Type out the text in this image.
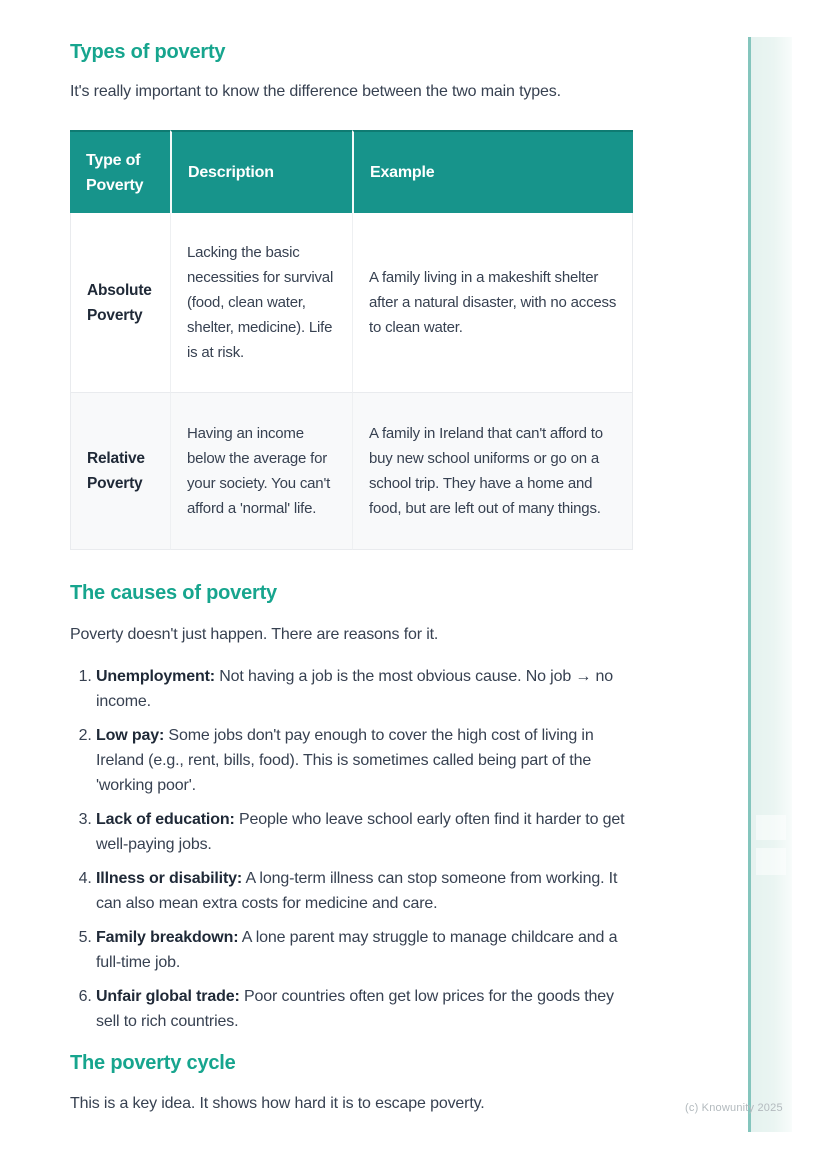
(c) Knowunity 2025
Types of poverty

It's really important to know the difference between the two main types.

Type of Poverty	Description	Example
Absolute Poverty	Lacking the basic necessities for survival (food, clean water, shelter, medicine). Life is at risk.	A family living in a makeshift shelter after a natural disaster, with no access to clean water.
Relative Poverty	Having an income below the average for your society. You can't afford a 'normal' life.	A family in Ireland that can't afford to buy new school uniforms or go on a school trip. They have a home and food, but are left out of many things.
The causes of poverty

Poverty doesn't just happen. There are reasons for it.

1. Unemployment: Not having a job is the most obvious cause. No job → no income.
2. Low pay: Some jobs don't pay enough to cover the high cost of living in Ireland (e.g., rent, bills, food). This is sometimes called being part of the 'working poor'.
3. Lack of education: People who leave school early often find it harder to get well-paying jobs.
4. Illness or disability: A long-term illness can stop someone from working. It can also mean extra costs for medicine and care.
5. Family breakdown: A lone parent may struggle to manage childcare and a full-time job.
6. Unfair global trade: Poor countries often get low prices for the goods they sell to rich countries.
The poverty cycle

This is a key idea. It shows how hard it is to escape poverty.
